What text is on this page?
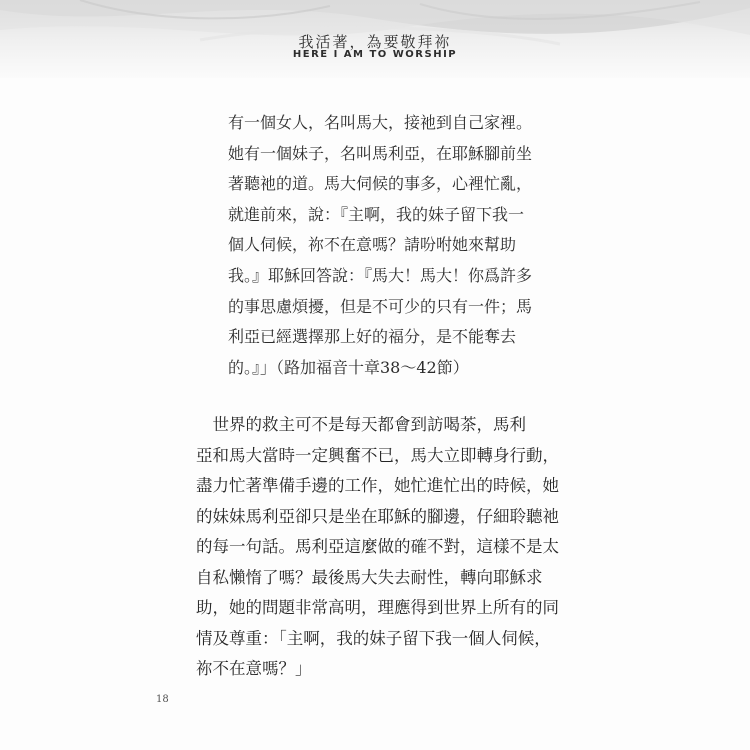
我活著，為要敬拜祢
HERE I AM TO WORSHIP
有一個女人，名叫馬大，接祂到自己家裡。
她有一個妹子，名叫馬利亞，在耶穌腳前坐
著聽祂的道。馬大伺候的事多，心裡忙亂，
就進前來，說：『主啊，我的妹子留下我一
個人伺候，祢不在意嗎？請吩咐她來幫助
我。』耶穌回答說：『馬大！馬大！你爲許多
的事思慮煩擾，但是不可少的只有一件；馬
利亞已經選擇那上好的福分，是不能奪去
的。』」（路加福音十章38～42節）
　世界的救主可不是每天都會到訪喝茶，馬利
亞和馬大當時一定興奮不已，馬大立即轉身行動，
盡力忙著準備手邊的工作，她忙進忙出的時候，她
的妹妹馬利亞卻只是坐在耶穌的腳邊，仔細聆聽祂
的每一句話。馬利亞這麼做的確不對，這樣不是太
自私懶惰了嗎？最後馬大失去耐性，轉向耶穌求
助，她的問題非常高明，理應得到世界上所有的同
情及尊重：「主啊，我的妹子留下我一個人伺候，
祢不在意嗎？」
18
